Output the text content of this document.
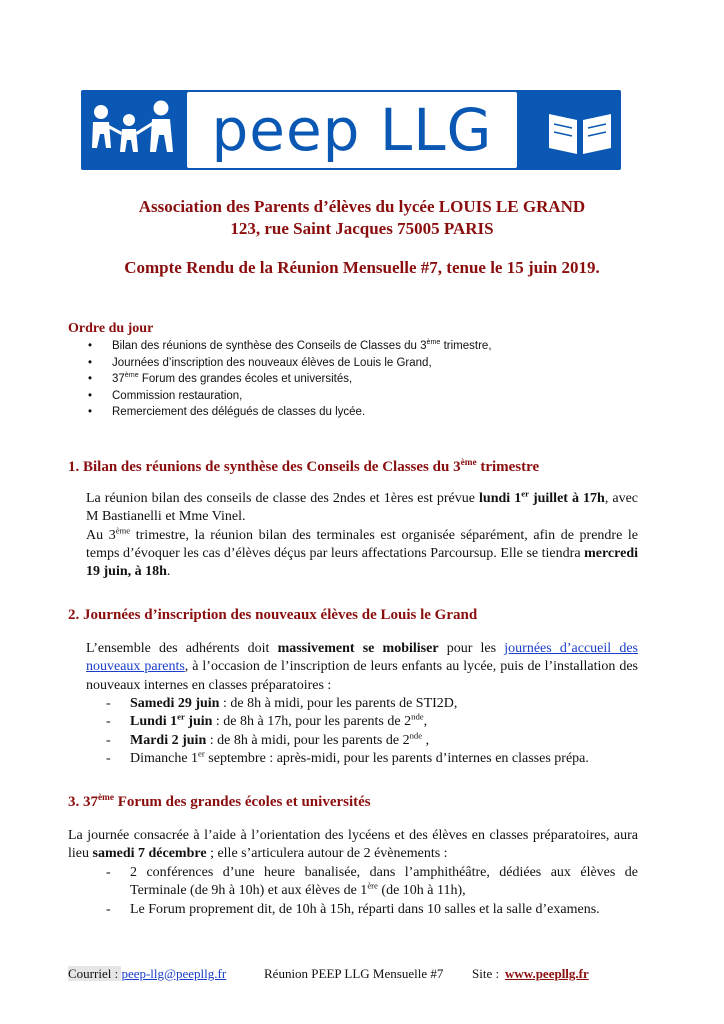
peep LLG
Association des Parents d’élèves du lycée LOUIS LE GRAND
123, rue Saint Jacques 75005 PARIS
Compte Rendu de la Réunion Mensuelle #7, tenue le 15 juin 2019.
Ordre du jour
• Bilan des réunions de synthèse des Conseils de Classes du 3ème trimestre,
• Journées d’inscription des nouveaux élèves de Louis le Grand,
• 37ème Forum des grandes écoles et universités,
• Commission restauration,
• Remerciement des délégués de classes du lycée.
1. Bilan des réunions de synthèse des Conseils de Classes du 3ème trimestre

La réunion bilan des conseils de classe des 2ndes et 1ères est prévue lundi 1er juillet à 17h, avec M Bastianelli et Mme Vinel.
Au 3ème trimestre, la réunion bilan des terminales est organisée séparément, afin de prendre le temps d’évoquer les cas d’élèves déçus par leurs affectations Parcoursup. Elle se tiendra mercredi 19 juin, à 18h.

2. Journées d’inscription des nouveaux élèves de Louis le Grand

L’ensemble des adhérents doit massivement se mobiliser pour les journées d’accueil des nouveaux parents, à l’occasion de l’inscription de leurs enfants au lycée, puis de l’installation des nouveaux internes en classes préparatoires :

- Samedi 29 juin : de 8h à midi, pour les parents de STI2D,
- Lundi 1er juin : de 8h à 17h, pour les parents de 2nde,
- Mardi 2 juin : de 8h à midi, pour les parents de 2nde ,
- Dimanche 1er septembre : après-midi, pour les parents d’internes en classes prépa.
3. 37ème Forum des grandes écoles et universités

La journée consacrée à l’aide à l’orientation des lycéens et des élèves en classes préparatoires, aura lieu samedi 7 décembre ; elle s’articulera autour de 2 évènements :

- 2 conférences d’une heure banalisée, dans l’amphithéâtre, dédiées aux élèves de Terminale (de 9h à 10h) et aux élèves de 1ère (de 10h à 11h),
- Le Forum proprement dit, de 10h à 15h, réparti dans 10 salles et la salle d’examens.
Courriel : peep-llg@peepllg.fr	Réunion PEEP LLG Mensuelle #7 Site : www.peepllg.fr
